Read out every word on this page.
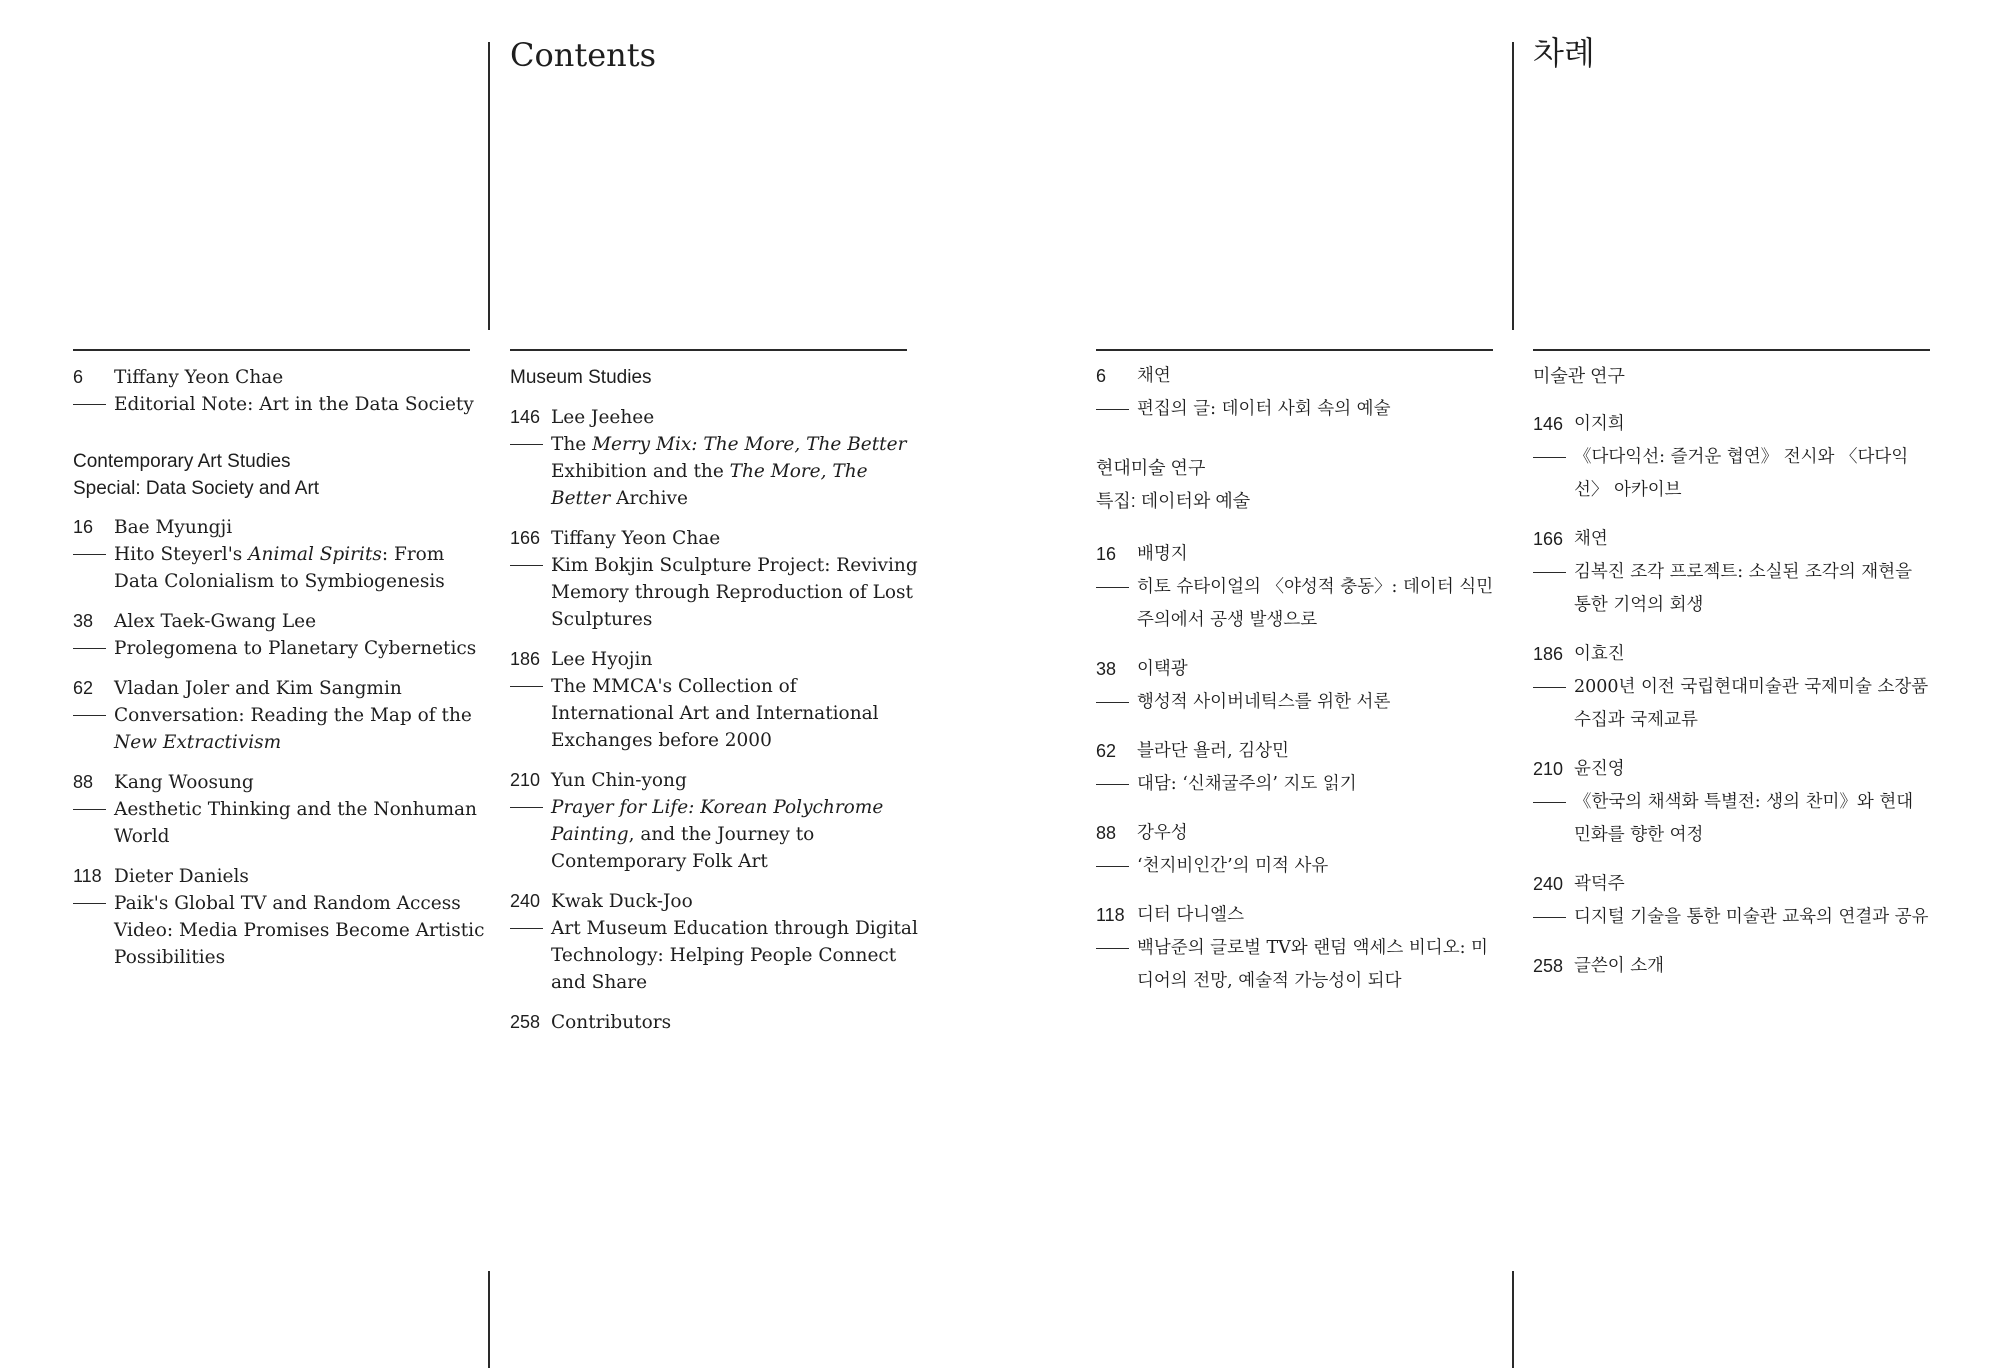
Contents	차례
6	Tiffany Yeon Chae
Editorial Note: Art in the Data Society
Contemporary Art Studies
Special: Data Society and Art
16	Bae Myungji
Hito Steyerl's Animal Spirits: From Data Colonialism to Symbiogenesis
38	Alex Taek-Gwang Lee
Prolegomena to Planetary Cybernetics
62	Vladan Joler and Kim Sangmin
Conversation: Reading the Map of the New Extractivism
88	Kang Woosung
Aesthetic Thinking and the Nonhuman World
118 Dieter Daniels
Paik's Global TV and Random Access Video: Media Promises Become Artistic Possibilities
Museum Studies
146 Lee Jeehee
The Merry Mix: The More, The Better Exhibition and the The More, The Better Archive
166 Tiffany Yeon Chae
Kim Bokjin Sculpture Project: Reviving Memory through Reproduction of Lost Sculptures
186 Lee Hyojin
The MMCA's Collection of International Art and International Exchanges before 2000
210 Yun Chin-yong
Prayer for Life: Korean Polychrome Painting, and the Journey to Contemporary Folk Art
240 Kwak Duck-Joo
Art Museum Education through Digital Technology: Helping People Connect and Share
258 Contributors
6	채연
편집의 글: 데이터 사회 속의 예술
현대미술 연구
특집: 데이터와 예술
16	배명지
히토 슈타이얼의 〈야성적 충동〉: 데이터 식민주의에서 공생 발생으로
38	이택광
행성적 사이버네틱스를 위한 서론
62	블라단 욜러, 김상민
대담: ‘신채굴주의’ 지도 읽기
88	강우성
‘천지비인간’의 미적 사유
118 디터 다니엘스
백남준의 글로벌 TV와 랜덤 액세스 비디오: 미디어의 전망, 예술적 가능성이 되다
미술관 연구
146 이지희
《다다익선: 즐거운 협연》 전시와 〈다다익선〉 아카이브
166 채연
김복진 조각 프로젝트: 소실된 조각의 재현을 통한 기억의 회생
186 이효진
2000년 이전 국립현대미술관 국제미술 소장품 수집과 국제교류
210 윤진영
《한국의 채색화 특별전: 생의 찬미》와 현대 민화를 향한 여정
240 곽덕주
디지털 기술을 통한 미술관 교육의 연결과 공유
258 글쓴이 소개
